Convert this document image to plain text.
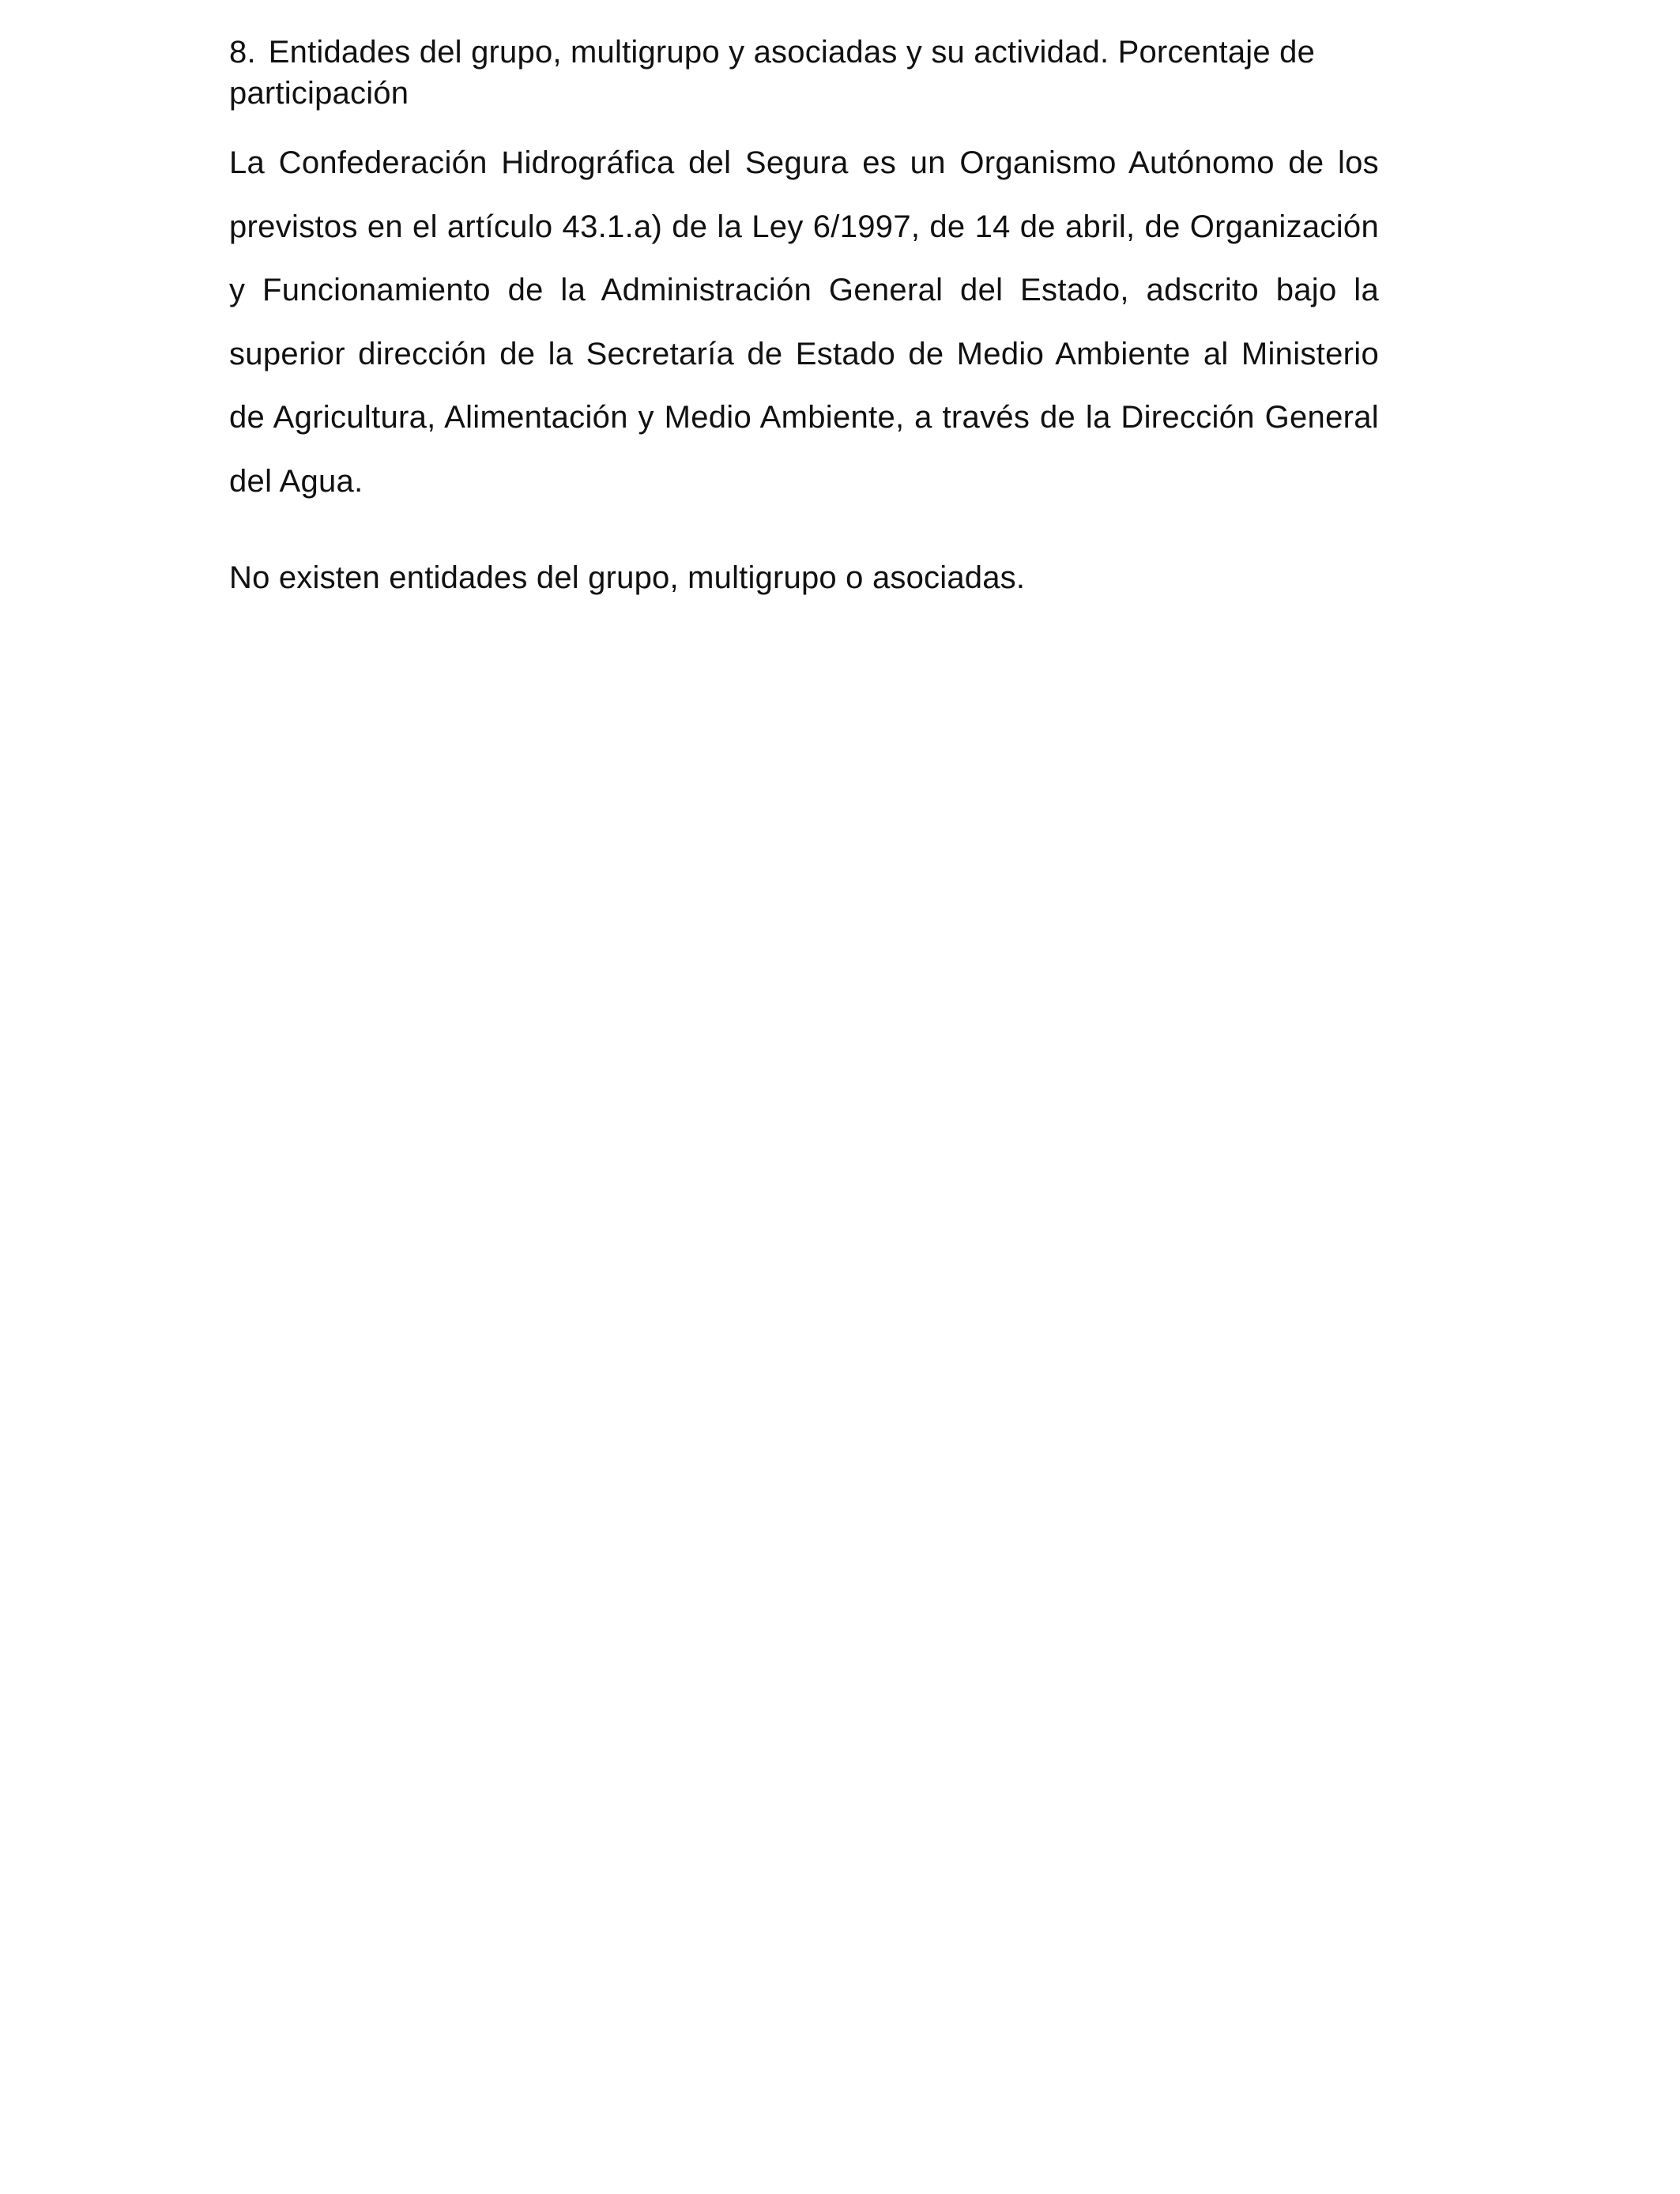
8. Entidades del grupo, multigrupo y asociadas y su actividad. Porcentaje de participación

La Confederación Hidrográfica del Segura es un Organismo Autónomo de los previstos en el artículo 43.1.a) de la Ley 6/1997, de 14 de abril, de Organización y Funcionamiento de la Administración General del Estado, adscrito bajo la superior dirección de la Secretaría de Estado de Medio Ambiente al Ministerio de Agricultura, Alimentación y Medio Ambiente, a través de la Dirección General del Agua.

No existen entidades del grupo, multigrupo o asociadas.
